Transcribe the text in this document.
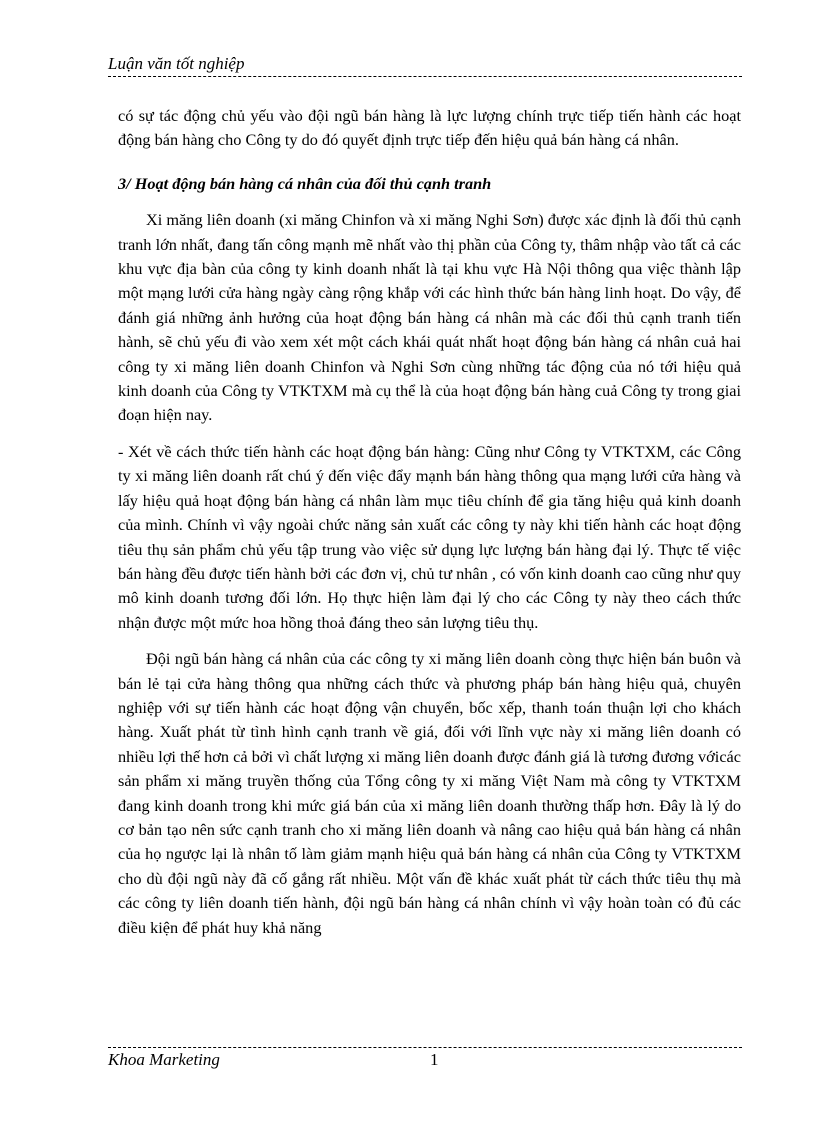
Luận văn tốt nghiệp

có sự tác động chủ yếu vào đội ngũ bán hàng là lực lượng chính trực tiếp tiến hành các hoạt động bán hàng cho Công ty do đó quyết định trực tiếp đến hiệu quả bán hàng cá nhân.

3/ Hoạt động bán hàng cá nhân của đối thủ cạnh tranh

Xi măng liên doanh (xi măng Chinfon và xi măng Nghi Sơn) được xác định là đối thủ cạnh tranh lớn nhất, đang tấn công mạnh mẽ nhất vào thị phần của Công ty, thâm nhập vào tất cả các khu vực địa bàn của công ty kinh doanh nhất là tại khu vực Hà Nội thông qua việc thành lập một mạng lưới cửa hàng ngày càng rộng khắp với các hình thức bán hàng linh hoạt. Do vậy, để đánh giá những ảnh hưởng của hoạt động bán hàng cá nhân mà các đối thủ cạnh tranh tiến hành, sẽ chủ yếu đi vào xem xét một cách khái quát nhất hoạt động bán hàng cá nhân cuả hai công ty xi măng liên doanh Chinfon và Nghi Sơn cùng những tác động của nó tới hiệu quả kinh doanh của Công ty VTKTXM mà cụ thể là của hoạt động bán hàng cuả Công ty trong giai đoạn hiện nay.

- Xét về cách thức tiến hành các hoạt động bán hàng: Cũng như Công ty VTKTXM, các Công ty xi măng liên doanh rất chú ý đến việc đẩy mạnh bán hàng thông qua mạng lưới cửa hàng và lấy hiệu quả hoạt động bán hàng cá nhân làm mục tiêu chính để gia tăng hiệu quả kinh doanh của mình. Chính vì vậy ngoài chức năng sản xuất các công ty này khi tiến hành các hoạt động tiêu thụ sản phẩm chủ yếu tập trung vào việc sử dụng lực lượng bán hàng đại lý. Thực tế việc bán hàng đều được tiến hành bởi các đơn vị, chủ tư nhân , có vốn kinh doanh cao cũng như quy mô kinh doanh tương đối lớn. Họ thực hiện làm đại lý cho các Công ty này theo cách thức nhận được một mức hoa hồng thoả đáng theo sản lượng tiêu thụ.

Đội ngũ bán hàng cá nhân của các công ty xi măng liên doanh còng thực hiện bán buôn và bán lẻ tại cửa hàng thông qua những cách thức và phương pháp bán hàng hiệu quả, chuyên nghiệp với sự tiến hành các hoạt động vận chuyển, bốc xếp, thanh toán thuận lợi cho khách hàng. Xuất phát từ tình hình cạnh tranh về giá, đối với lĩnh vực này xi măng liên doanh có nhiều lợi thế hơn cả bởi vì chất lượng xi măng liên doanh được đánh giá là tương đương vớicác sản phẩm xi măng truyền thống của Tổng công ty xi măng Việt Nam mà công ty VTKTXM đang kinh doanh trong khi mức giá bán của xi măng liên doanh thường thấp hơn. Đây là lý do cơ bản tạo nên sức cạnh tranh cho xi măng liên doanh và nâng cao hiệu quả bán hàng cá nhân của họ ngược lại là nhân tố làm giảm mạnh hiệu quả bán hàng cá nhân của Công ty VTKTXM cho dù đội ngũ này đã cố gắng rất nhiều. Một vấn đề khác xuất phát từ cách thức tiêu thụ mà các công ty liên doanh tiến hành, đội ngũ bán hàng cá nhân chính vì vậy hoàn toàn có đủ các điều kiện để phát huy khả năng

Khoa Marketing	1
